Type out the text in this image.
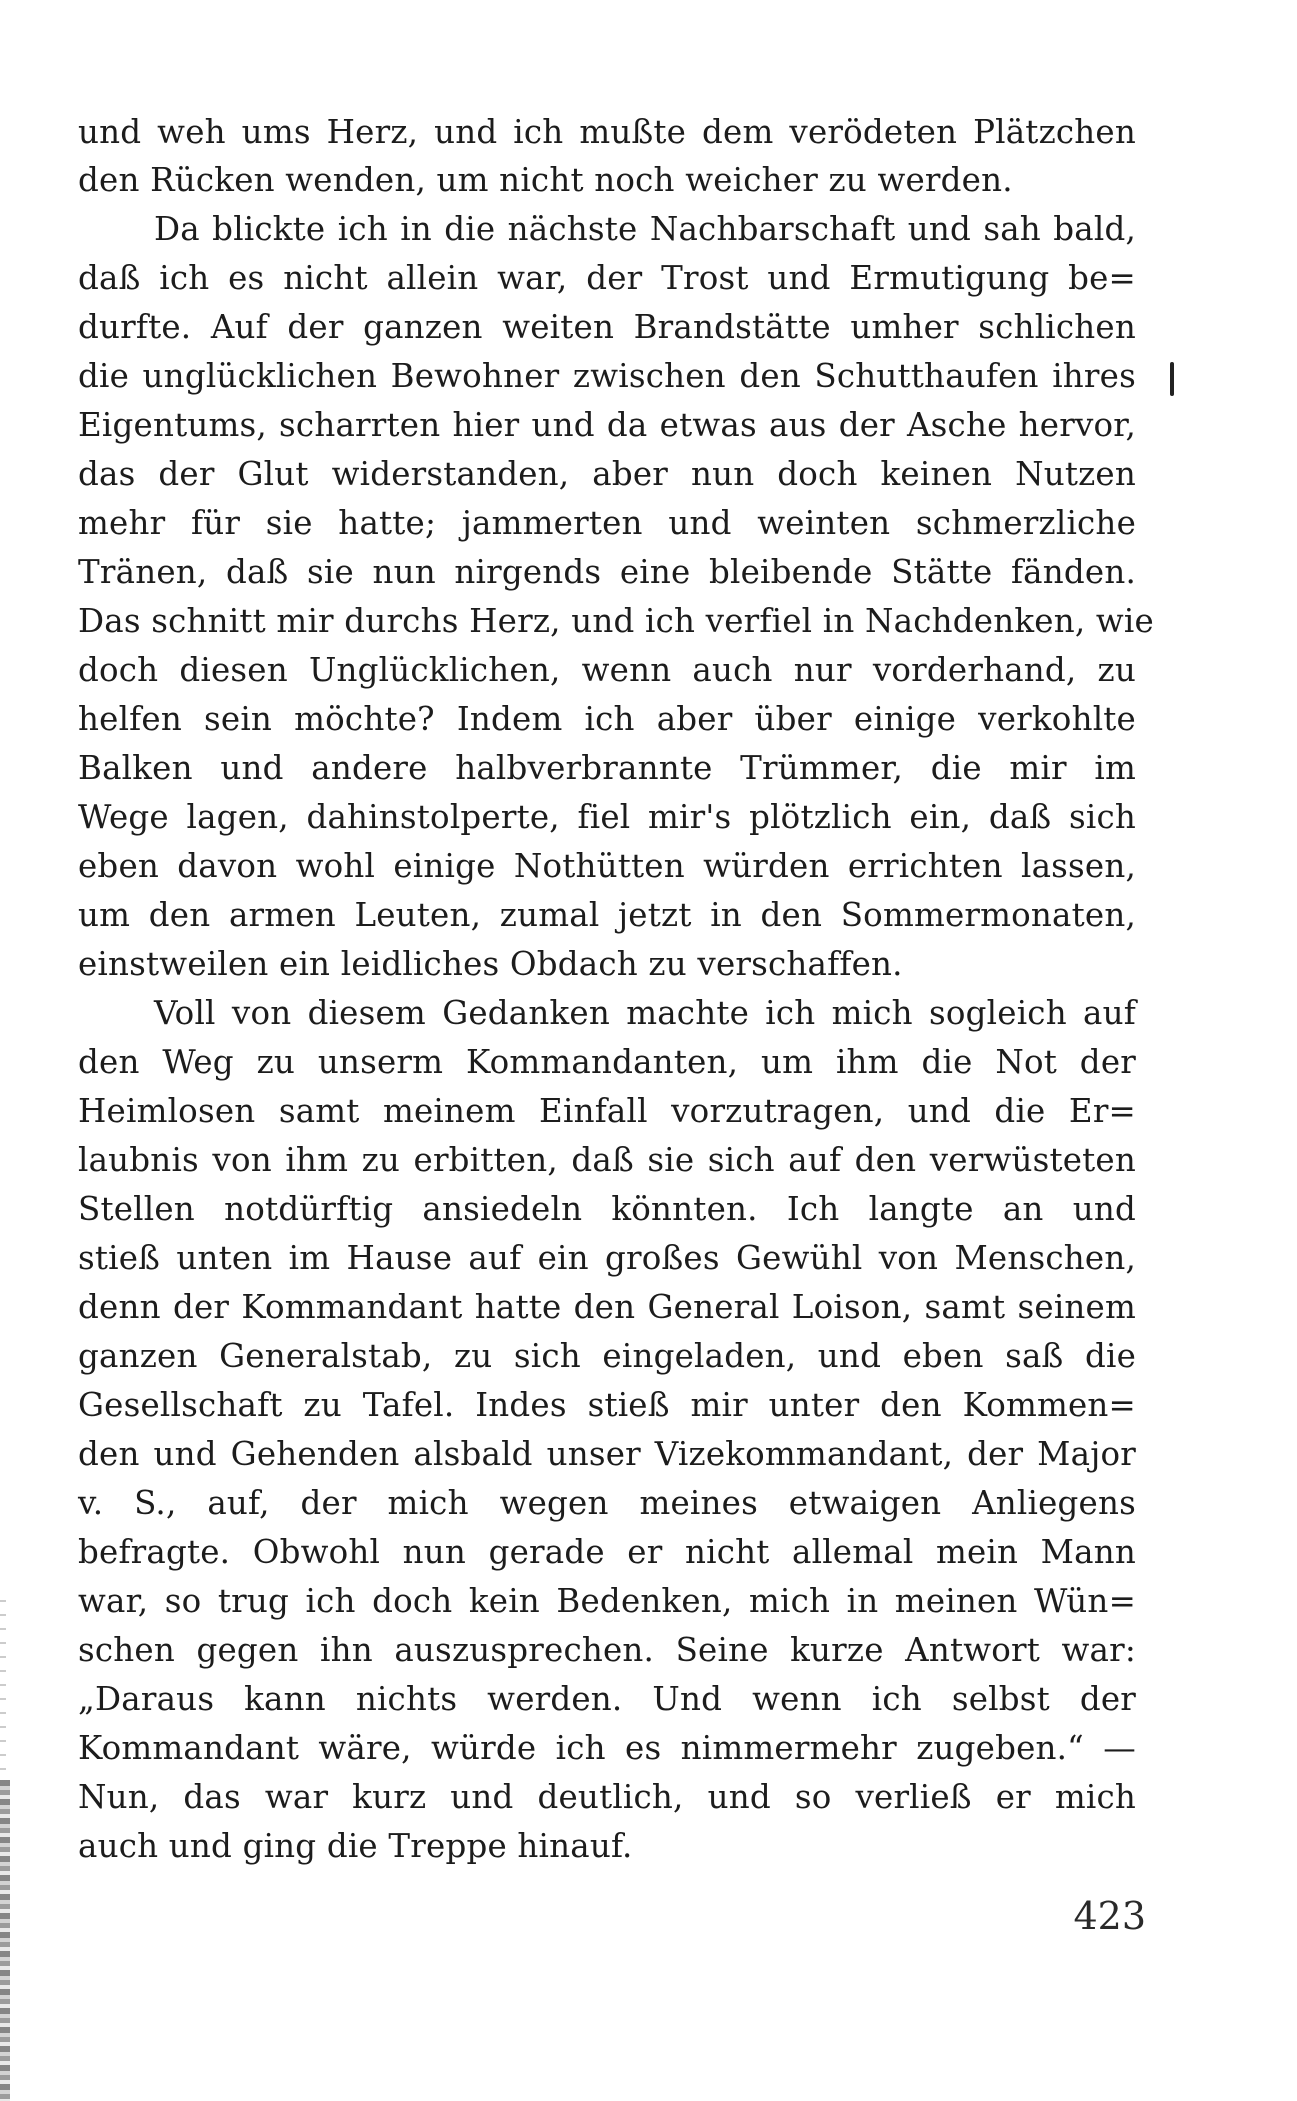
und weh ums Herz, und ich mußte dem verödeten Plätzchen
den Rücken wenden, um nicht noch weicher zu werden.
Da blickte ich in die nächste Nachbarschaft und sah bald,
daß ich es nicht allein war, der Trost und Ermutigung be=
durfte. Auf der ganzen weiten Brandstätte umher schlichen
die unglücklichen Bewohner zwischen den Schutthaufen ihres
Eigentums, scharrten hier und da etwas aus der Asche hervor,
das der Glut widerstanden, aber nun doch keinen Nutzen
mehr für sie hatte; jammerten und weinten schmerzliche
Tränen, daß sie nun nirgends eine bleibende Stätte fänden.
Das schnitt mir durchs Herz, und ich verfiel in Nachdenken, wie
doch diesen Unglücklichen, wenn auch nur vorderhand, zu
helfen sein möchte? Indem ich aber über einige verkohlte
Balken und andere halbverbrannte Trümmer, die mir im
Wege lagen, dahinstolperte, fiel mir's plötzlich ein, daß sich
eben davon wohl einige Nothütten würden errichten lassen,
um den armen Leuten, zumal jetzt in den Sommermonaten,
einstweilen ein leidliches Obdach zu verschaffen.
Voll von diesem Gedanken machte ich mich sogleich auf
den Weg zu unserm Kommandanten, um ihm die Not der
Heimlosen samt meinem Einfall vorzutragen, und die Er=
laubnis von ihm zu erbitten, daß sie sich auf den verwüsteten
Stellen notdürftig ansiedeln könnten. Ich langte an und
stieß unten im Hause auf ein großes Gewühl von Menschen,
denn der Kommandant hatte den General Loison, samt seinem
ganzen Generalstab, zu sich eingeladen, und eben saß die
Gesellschaft zu Tafel. Indes stieß mir unter den Kommen=
den und Gehenden alsbald unser Vizekommandant, der Major
v. S., auf, der mich wegen meines etwaigen Anliegens
befragte. Obwohl nun gerade er nicht allemal mein Mann
war, so trug ich doch kein Bedenken, mich in meinen Wün=
schen gegen ihn auszusprechen. Seine kurze Antwort war:
„Daraus kann nichts werden. Und wenn ich selbst der
Kommandant wäre, würde ich es nimmermehr zugeben.“ —
Nun, das war kurz und deutlich, und so verließ er mich
auch und ging die Treppe hinauf.
423
